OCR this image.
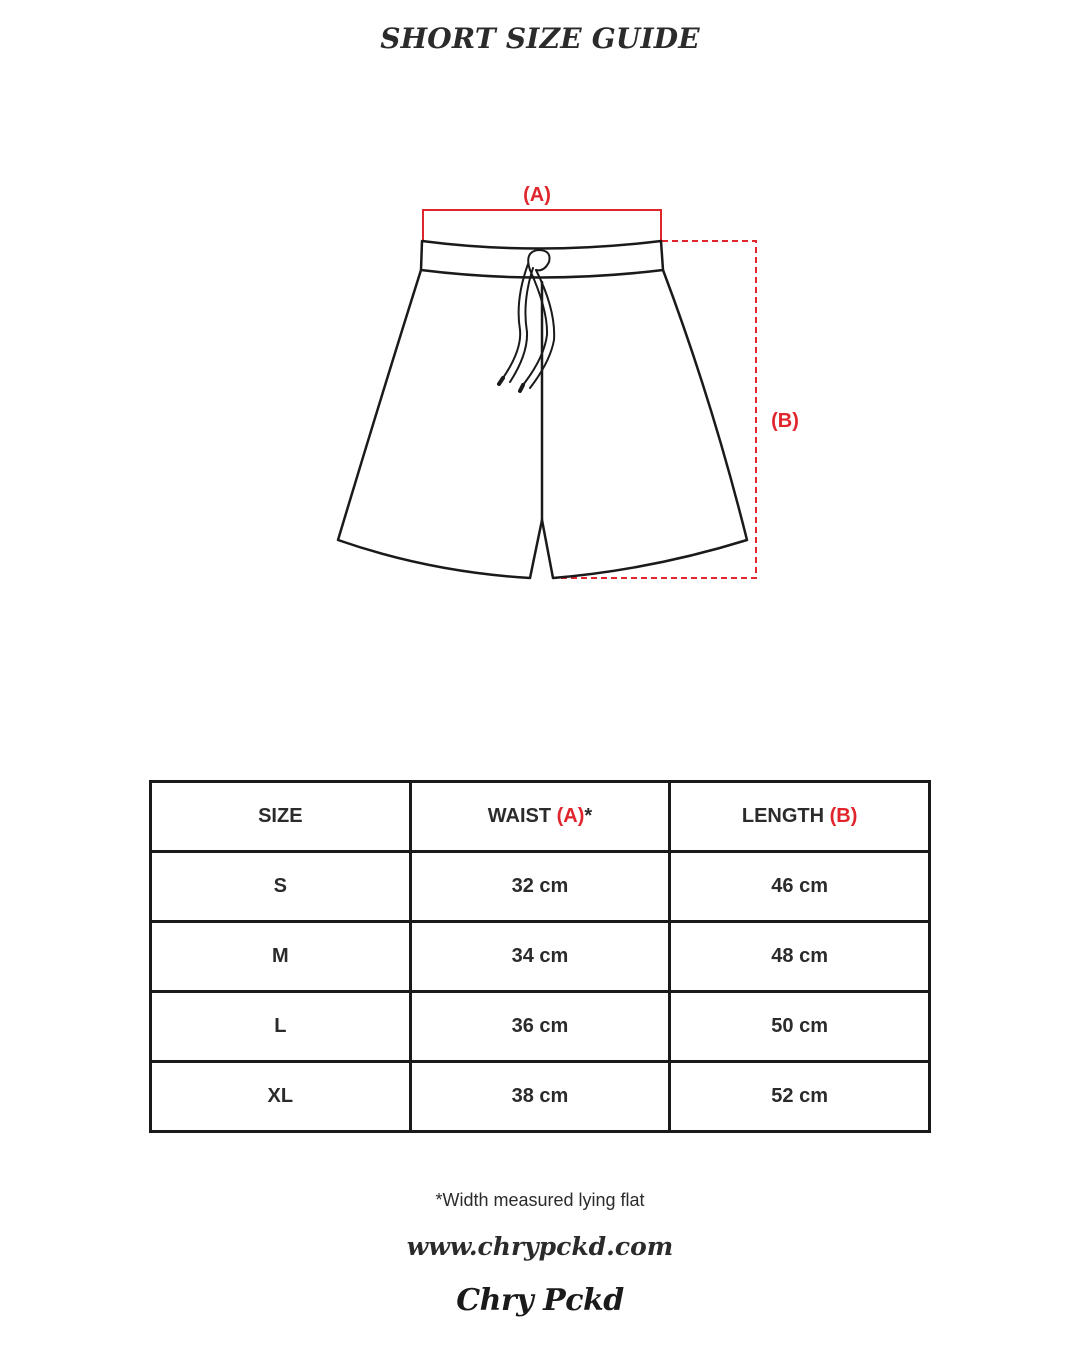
SHORT SIZE GUIDE
(A)
(B)
SIZE	WAIST (A)*	LENGTH (B)
S	32 cm	46 cm
M	34 cm	48 cm
L	36 cm	50 cm
XL	38 cm	52 cm
*Width measured lying flat
www.chrypckd.com
Chry Pckd
